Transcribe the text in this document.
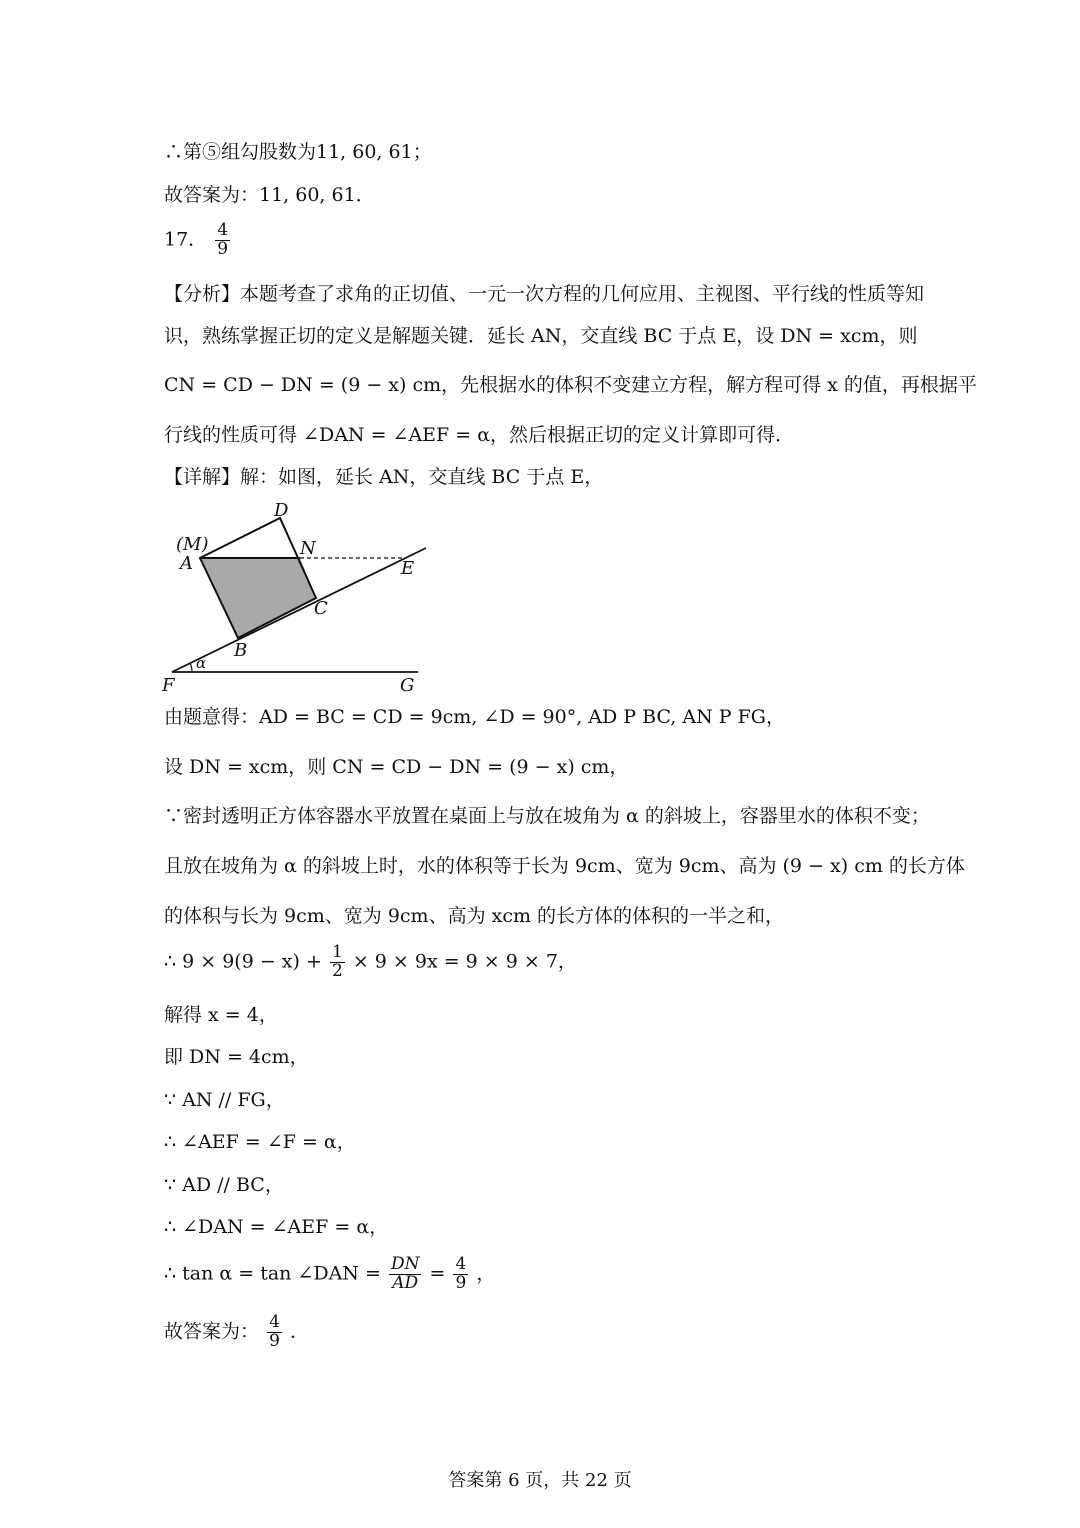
∴第⑤组勾股数为11, 60, 61；
故答案为：11, 60, 61．
17． $\frac{4}{9}$
【分析】本题考查了求角的正切值、一元一次方程的几何应用、主视图、平行线的性质等知
识，熟练掌握正切的定义是解题关键．延长 AN，交直线 BC 于点 E，设 DN = xcm，则
CN = CD − DN = (9 − x) cm，先根据水的体积不变建立方程，解方程可得 x 的值，再根据平
行线的性质可得 ∠DAN = ∠AEF = α，然后根据正切的定义计算即可得．
【详解】解：如图，延长 AN，交直线 BC 于点 E，
D
(M)
A
N
E
C
B
α
F	G
由题意得：AD = BC = CD = 9cm, ∠D = 90°, AD P BC, AN P FG，
设 DN = xcm，则 CN = CD − DN = (9 − x) cm，
∵密封透明正方体容器水平放置在桌面上与放在坡角为 α 的斜坡上，容器里水的体积不变；
且放在坡角为 α 的斜坡上时，水的体积等于长为 9cm、宽为 9cm、高为 (9 − x) cm 的长方体
的体积与长为 9cm、宽为 9cm、高为 xcm 的长方体的体积的一半之和，
∴ $9 \times 9(9 - x) + \frac{1}{2} \times 9 \times 9x = 9 \times 9 \times 7$，
解得 x = 4，
即 DN = 4cm，
∵ AN // FG，
∴ ∠AEF = ∠F = α，
∵ AD // BC，
∴ ∠DAN = ∠AEF = α，
∴ tan α = tan ∠DAN = $\frac{DN}{AD} = \frac{4}{9}$ ，
故答案为： $\frac{4}{9}$ ．
答案第 6 页，共 22 页
